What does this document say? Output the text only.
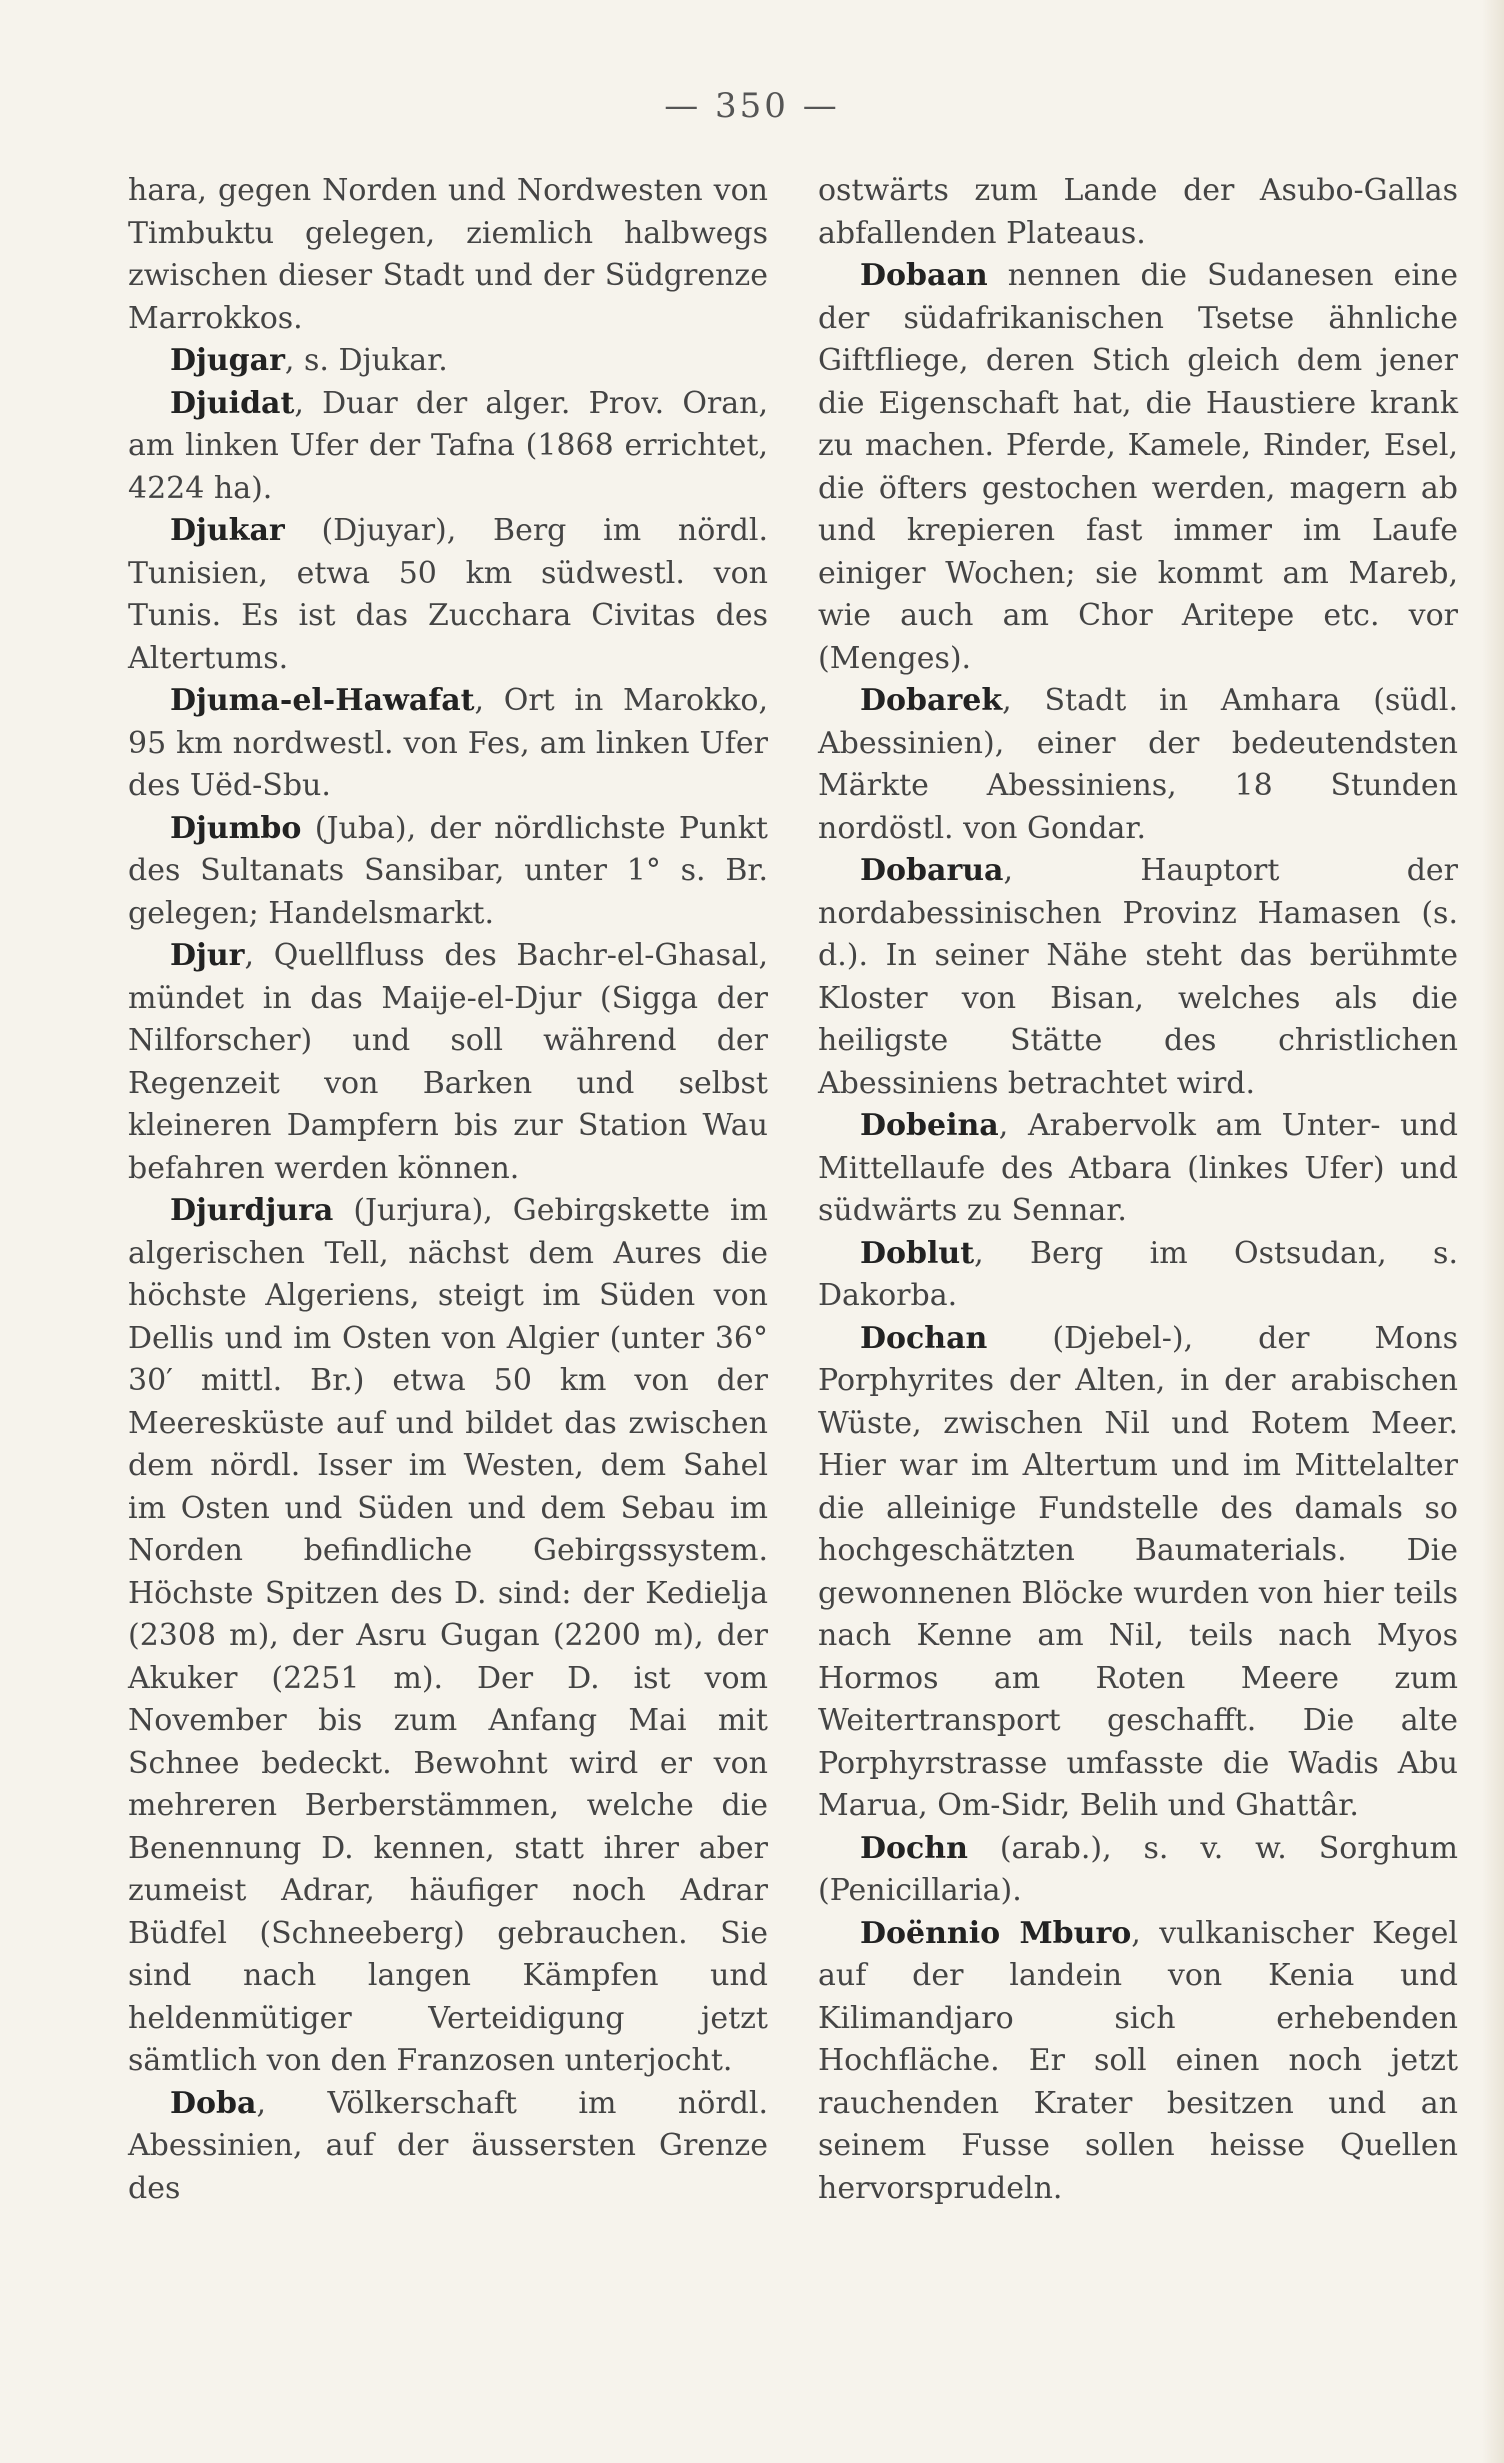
— 350 —

hara, gegen Norden und Nordwesten von Timbuktu gelegen, ziemlich halbwegs zwischen dieser Stadt und der Südgrenze Marrokkos.

Djugar, s. Djukar.

Djuidat, Duar der alger. Prov. Oran, am linken Ufer der Tafna (1868 errichtet, 4224 ha).

Djukar (Djuyar), Berg im nördl. Tunisien, etwa 50 km südwestl. von Tunis. Es ist das Zucchara Civitas des Altertums.

Djuma-el-Hawafat, Ort in Marokko, 95 km nordwestl. von Fes, am linken Ufer des Uëd-Sbu.

Djumbo (Juba), der nördlichste Punkt des Sultanats Sansibar, unter 1° s. Br. gelegen; Handelsmarkt.

Djur, Quellfluss des Bachr-el-Ghasal, mündet in das Maije-el-Djur (Sigga der Nilforscher) und soll während der Regenzeit von Barken und selbst kleineren Dampfern bis zur Station Wau befahren werden können.

Djurdjura (Jurjura), Gebirgskette im algerischen Tell, nächst dem Aures die höchste Algeriens, steigt im Süden von Dellis und im Osten von Algier (unter 36° 30′ mittl. Br.) etwa 50 km von der Meeresküste auf und bildet das zwischen dem nördl. Isser im Westen, dem Sahel im Osten und Süden und dem Sebau im Norden befindliche Gebirgssystem. Höchste Spitzen des D. sind: der Kedielja (2308 m), der Asru Gugan (2200 m), der Akuker (2251 m). Der D. ist vom November bis zum Anfang Mai mit Schnee bedeckt. Bewohnt wird er von mehreren Berberstämmen, welche die Benennung D. kennen, statt ihrer aber zumeist Adrar, häufiger noch Adrar Büdfel (Schneeberg) gebrauchen. Sie sind nach langen Kämpfen und heldenmütiger Verteidigung jetzt sämtlich von den Franzosen unterjocht.

Doba, Völkerschaft im nördl. Abessinien, auf der äussersten Grenze des

ostwärts zum Lande der Asubo-Gallas abfallenden Plateaus.

Dobaan nennen die Sudanesen eine der südafrikanischen Tsetse ähnliche Giftfliege, deren Stich gleich dem jener die Eigenschaft hat, die Haustiere krank zu machen. Pferde, Kamele, Rinder, Esel, die öfters gestochen werden, magern ab und krepieren fast immer im Laufe einiger Wochen; sie kommt am Mareb, wie auch am Chor Aritepe etc. vor (Menges).

Dobarek, Stadt in Amhara (südl. Abessinien), einer der bedeutendsten Märkte Abessiniens, 18 Stunden nordöstl. von Gondar.

Dobarua, Hauptort der nordabessinischen Provinz Hamasen (s. d.). In seiner Nähe steht das berühmte Kloster von Bisan, welches als die heiligste Stätte des christlichen Abessiniens betrachtet wird.

Dobeina, Arabervolk am Unter- und Mittellaufe des Atbara (linkes Ufer) und südwärts zu Sennar.

Doblut, Berg im Ostsudan, s. Dakorba.

Dochan (Djebel-), der Mons Porphyrites der Alten, in der arabischen Wüste, zwischen Nil und Rotem Meer. Hier war im Altertum und im Mittelalter die alleinige Fundstelle des damals so hochgeschätzten Baumaterials. Die gewonnenen Blöcke wurden von hier teils nach Kenne am Nil, teils nach Myos Hormos am Roten Meere zum Weitertransport geschafft. Die alte Porphyrstrasse umfasste die Wadis Abu Marua, Om-Sidr, Belih und Ghattâr.

Dochn (arab.), s. v. w. Sorghum (Penicillaria).

Doënnio Mburo, vulkanischer Kegel auf der landein von Kenia und Kilimandjaro sich erhebenden Hochfläche. Er soll einen noch jetzt rauchenden Krater besitzen und an seinem Fusse sollen heisse Quellen hervorsprudeln.
